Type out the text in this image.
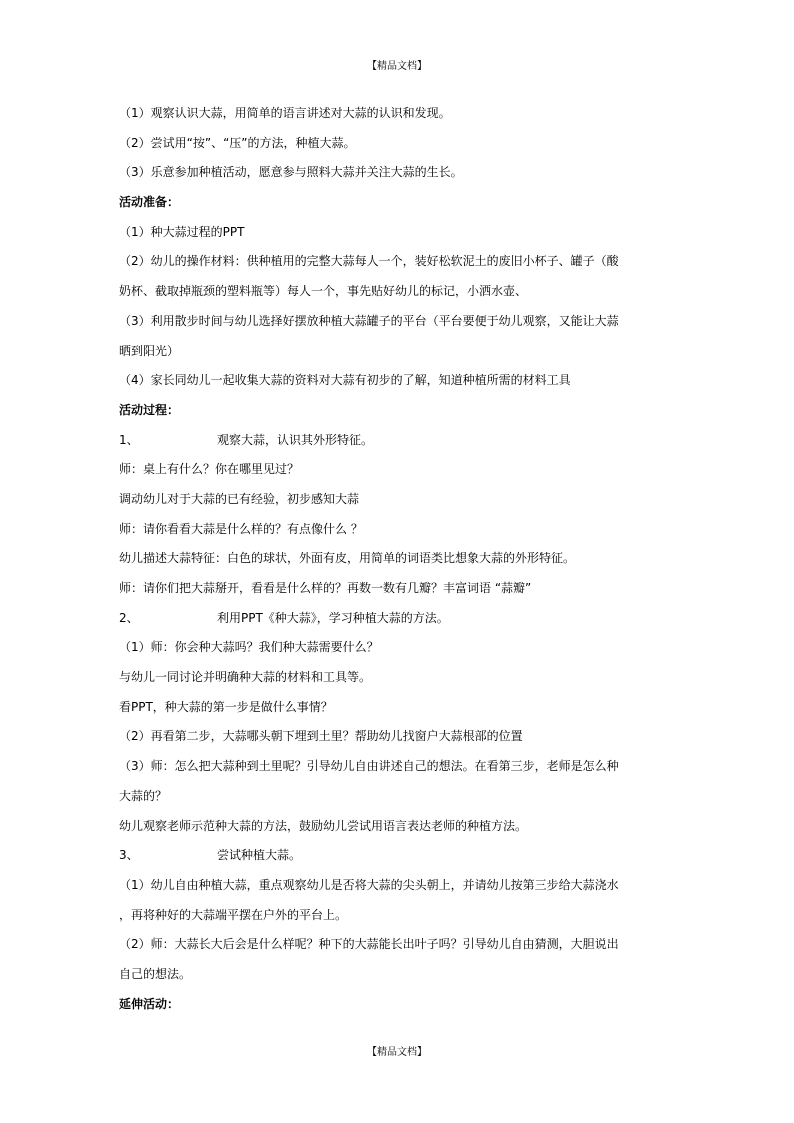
【精品文档】
（1）观察认识大蒜，用简单的语言讲述对大蒜的认识和发现。
（2）尝试用“按”、“压”的方法，种植大蒜。
（3）乐意参加种植活动，愿意参与照料大蒜并关注大蒜的生长。
活动准备：
（1）种大蒜过程的PPT
（2）幼儿的操作材料：供种植用的完整大蒜每人一个，装好松软泥土的废旧小杯子、罐子（酸
奶杯、截取掉瓶颈的塑料瓶等）每人一个，事先贴好幼儿的标记，小洒水壶、
（3）利用散步时间与幼儿选择好摆放种植大蒜罐子的平台（平台要便于幼儿观察，又能让大蒜
晒到阳光）
（4）家长同幼儿一起收集大蒜的资料对大蒜有初步的了解，知道种植所需的材料工具
活动过程：
1、	观察大蒜，认识其外形特征。
师：桌上有什么？你在哪里见过？
调动幼儿对于大蒜的已有经验，初步感知大蒜
师：请你看看大蒜是什么样的？有点像什么 ？
幼儿描述大蒜特征：白色的球状，外面有皮，用简单的词语类比想象大蒜的外形特征。
师：请你们把大蒜掰开，看看是什么样的？再数一数有几瓣？丰富词语 “蒜瓣”
2、	利用PPT《种大蒜》，学习种植大蒜的方法。
（1）师：你会种大蒜吗？我们种大蒜需要什么？
与幼儿一同讨论并明确种大蒜的材料和工具等。
看PPT，种大蒜的第一步是做什么事情？
（2）再看第二步，大蒜哪头朝下埋到土里？帮助幼儿找窗户大蒜根部的位置
（3）师：怎么把大蒜种到土里呢？引导幼儿自由讲述自己的想法。在看第三步，老师是怎么种
大蒜的？
幼儿观察老师示范种大蒜的方法，鼓励幼儿尝试用语言表达老师的种植方法。
3、	尝试种植大蒜。
（1）幼儿自由种植大蒜，重点观察幼儿是否将大蒜的尖头朝上，并请幼儿按第三步给大蒜浇水
，再将种好的大蒜端平摆在户外的平台上。
（2）师：大蒜长大后会是什么样呢？种下的大蒜能长出叶子吗？引导幼儿自由猜测，大胆说出
自己的想法。
延伸活动：
【精品文档】
